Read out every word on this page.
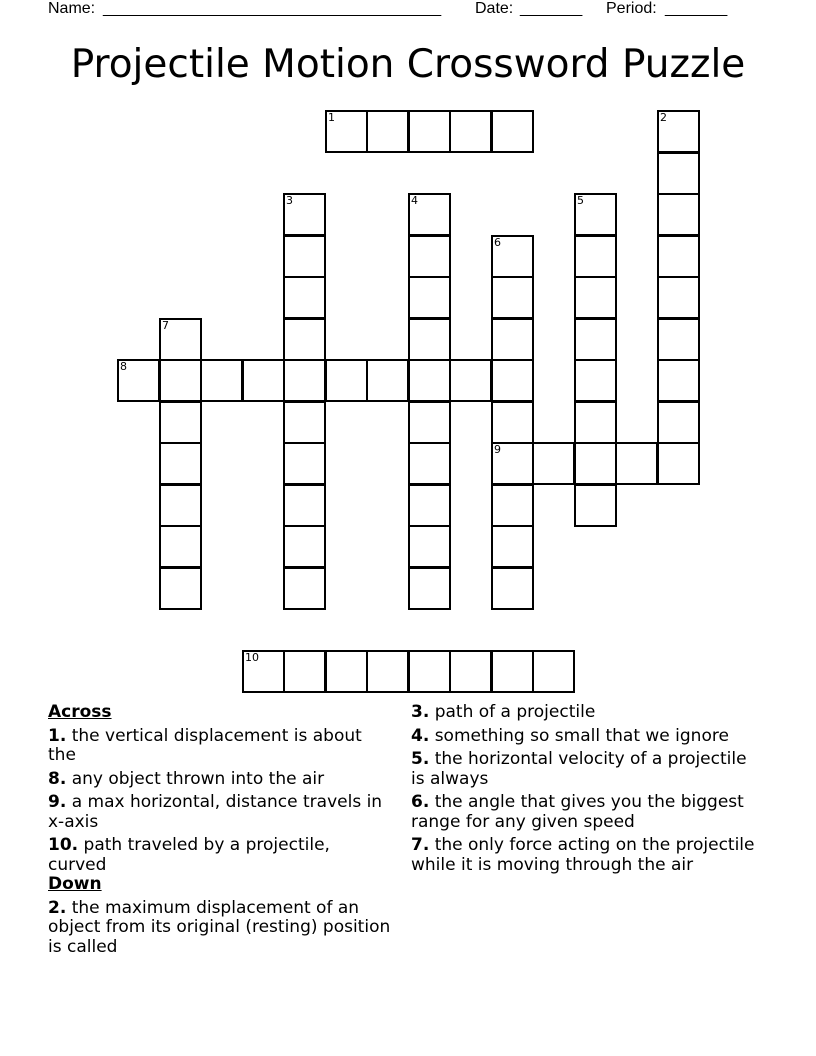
Name: ______________________________________ Date: _______ Period: _______
Projectile Motion Crossword Puzzle
1	2
3	4	5
6
9
7
8
10
Across
1. the vertical displacement is about the
8. any object thrown into the air
9. a max horizontal, distance travels in x-axis
10. path traveled by a projectile, curved
Down
2. the maximum displacement of an object from its original (resting) position is called
3. path of a projectile
4. something so small that we ignore
5. the horizontal velocity of a projectile is always
6. the angle that gives you the biggest range for any given speed
7. the only force acting on the projectile while it is moving through the air
